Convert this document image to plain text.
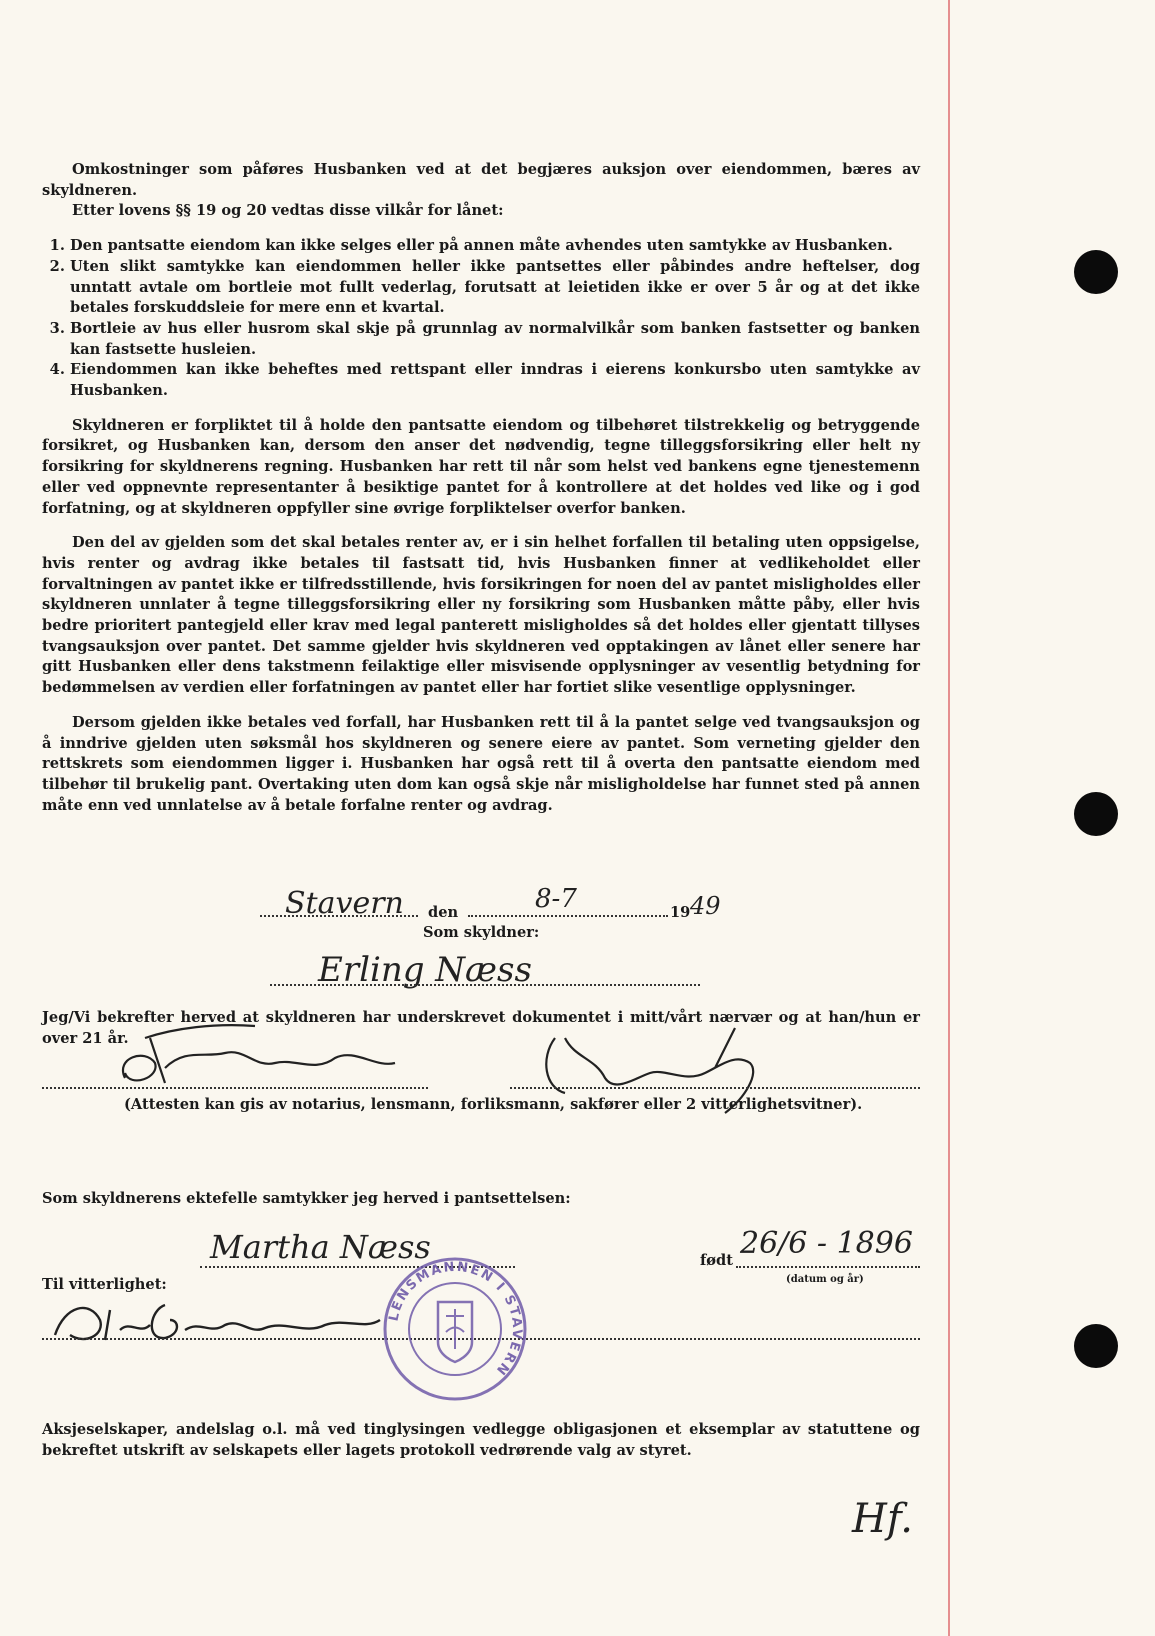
Omkostninger som påføres Husbanken ved at det begjæres auksjon over eiendommen, bæres av skyldneren.

Etter lovens §§ 19 og 20 vedtas disse vilkår for lånet:

1. Den pantsatte eiendom kan ikke selges eller på annen måte avhendes uten samtykke av Husbanken.
2. Uten slikt samtykke kan eiendommen heller ikke pantsettes eller påbindes andre heftelser, dog unntatt avtale om bortleie mot fullt vederlag, forutsatt at leietiden ikke er over 5 år og at det ikke betales forskuddsleie for mere enn et kvartal.
3. Bortleie av hus eller husrom skal skje på grunnlag av normalvilkår som banken fastsetter og banken kan fastsette husleien.
4. Eiendommen kan ikke beheftes med rettspant eller inndras i eierens konkursbo uten samtykke av Husbanken.

Skyldneren er forpliktet til å holde den pantsatte eiendom og tilbehøret tilstrekkelig og betryggende forsikret, og Husbanken kan, dersom den anser det nødvendig, tegne tilleggsforsikring eller helt ny forsikring for skyldnerens regning. Husbanken har rett til når som helst ved bankens egne tjenestemenn eller ved oppnevnte representanter å besiktige pantet for å kontrollere at det holdes ved like og i god forfatning, og at skyldneren oppfyller sine øvrige forpliktelser overfor banken.

Den del av gjelden som det skal betales renter av, er i sin helhet forfallen til betaling uten oppsigelse, hvis renter og avdrag ikke betales til fastsatt tid, hvis Husbanken finner at vedlikeholdet eller forvaltningen av pantet ikke er tilfredsstillende, hvis forsikringen for noen del av pantet misligholdes eller skyldneren unnlater å tegne tilleggsforsikring eller ny forsikring som Husbanken måtte påby, eller hvis bedre prioritert pantegjeld eller krav med legal panterett misligholdes så det holdes eller gjentatt tillyses tvangsauksjon over pantet. Det samme gjelder hvis skyldneren ved opptakingen av lånet eller senere har gitt Husbanken eller dens takstmenn feilaktige eller misvisende opplysninger av vesentlig betydning for bedømmelsen av verdien eller forfatningen av pantet eller har fortiet slike vesentlige opplysninger.

Dersom gjelden ikke betales ved forfall, har Husbanken rett til å la pantet selge ved tvangsauksjon og å inndrive gjelden uten søksmål hos skyldneren og senere eiere av pantet. Som verneting gjelder den rettskrets som eiendommen ligger i. Husbanken har også rett til å overta den pantsatte eiendom med tilbehør til brukelig pant. Overtaking uten dom kan også skje når misligholdelse har funnet sted på annen måte enn ved unnlatelse av å betale forfalne renter og avdrag.

Stavern den	8-7	19 49
Som skyldner:
Erling Næss
Jeg/Vi bekrefter herved at skyldneren har underskrevet dokumentet i mitt/vårt nærvær og at han/hun er over 21 år.
(Attesten kan gis av notarius, lensmann, forliksmann, sakfører eller 2 vitterlighetsvitner).
Som skyldnerens ektefelle samtykker jeg herved i pantsettelsen:
Martha Næss	født 26/6 - 1896
(datum og år)
Til vitterlighet:
LENSMANNEN I STAVERN
Aksjeselskaper, andelslag o.l. må ved tinglysingen vedlegge obligasjonen et eksemplar av statuttene og bekreftet utskrift av selskapets eller lagets protokoll vedrørende valg av styret.
Hf.
